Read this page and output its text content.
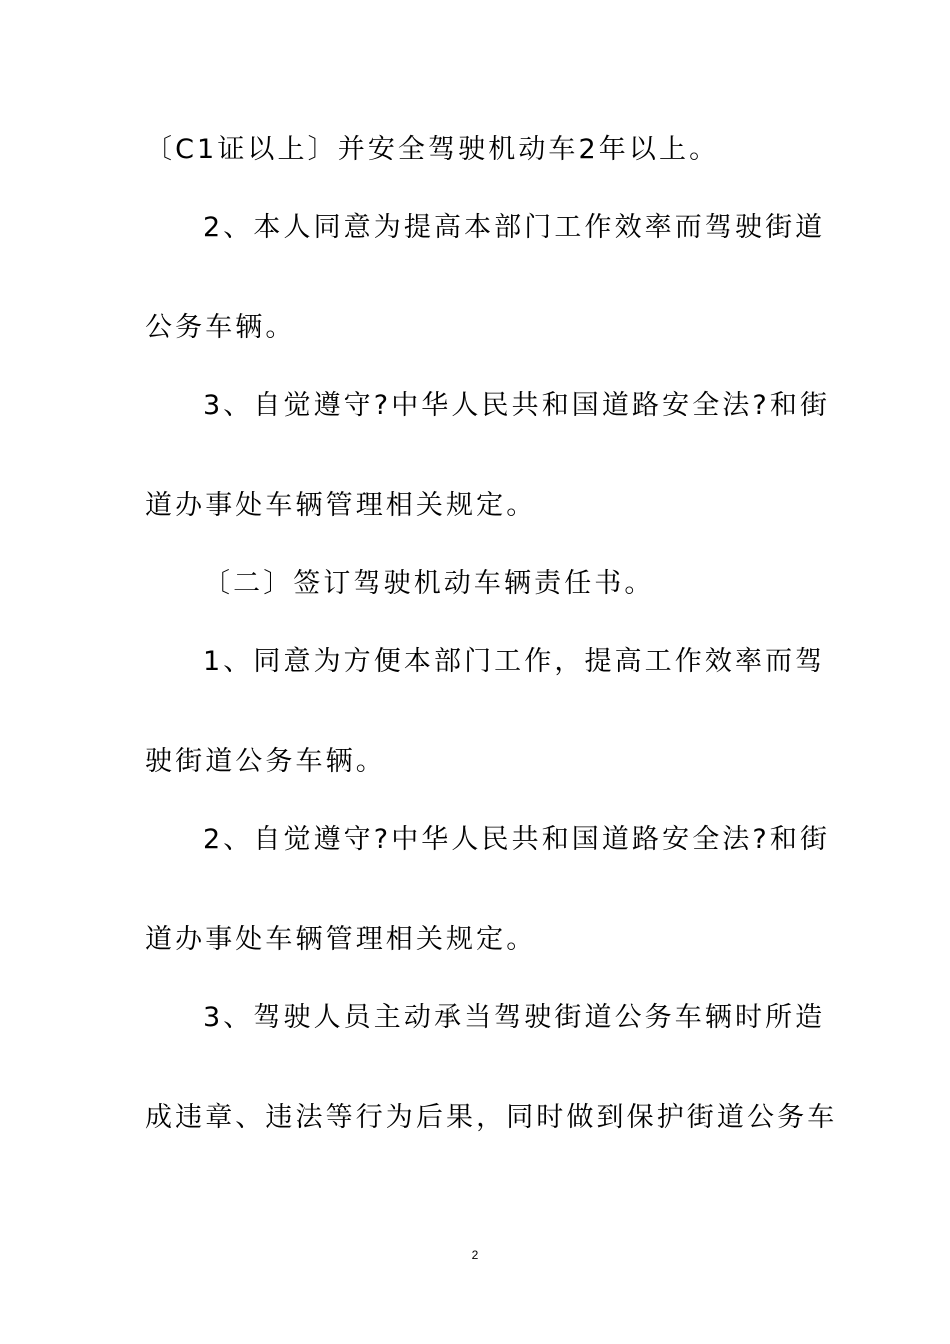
〔C1证以上〕并安全驾驶机动车2年以上。
2、本人同意为提高本部门工作效率而驾驶街道
公务车辆。
3、自觉遵守?中华人民共和国道路安全法?和街
道办事处车辆管理相关规定。
〔二〕签订驾驶机动车辆责任书。
1、同意为方便本部门工作，提高工作效率而驾
驶街道公务车辆。
2、自觉遵守?中华人民共和国道路安全法?和街
道办事处车辆管理相关规定。
3、驾驶人员主动承当驾驶街道公务车辆时所造
成违章、违法等行为后果，同时做到保护街道公务车
2
